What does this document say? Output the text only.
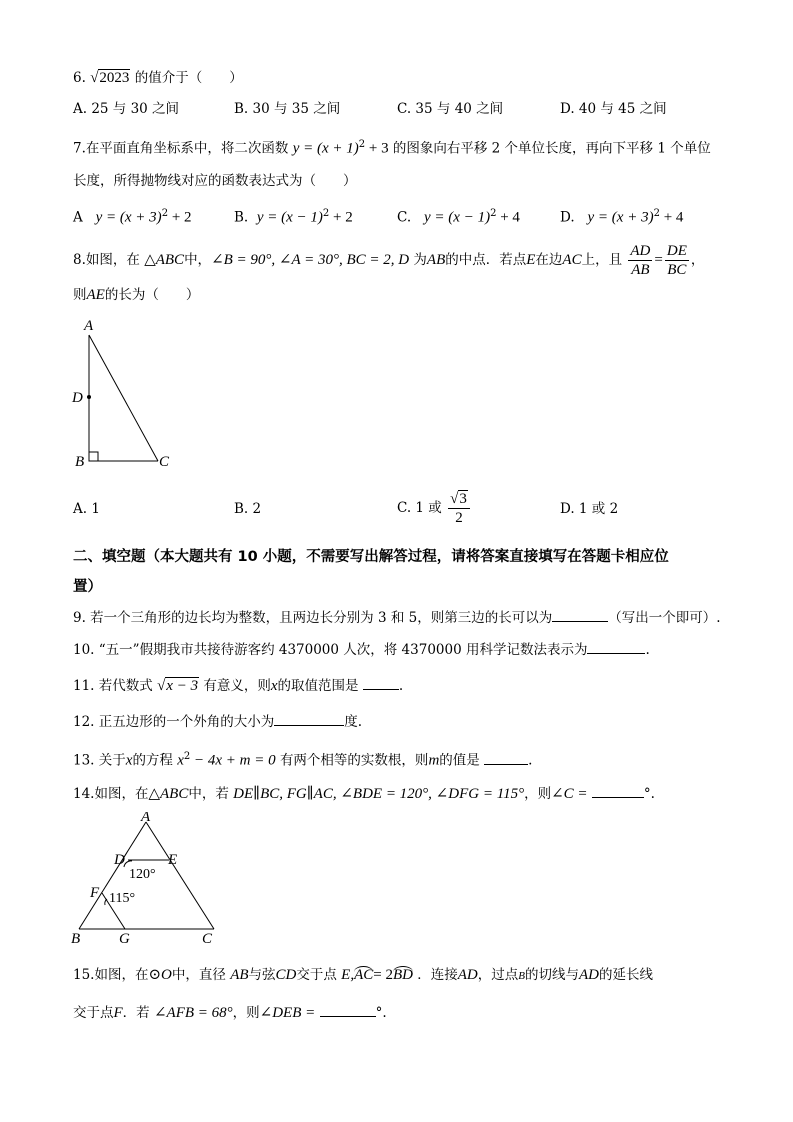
6. √2023 的值介于（　　）
A. 25 与 30 之间	B. 30 与 35 之间	C. 35 与 40 之间	D. 40 与 45 之间
7.在平面直角坐标系中，将二次函数 $y = (x + 1)^2 + 3$ 的图象向右平移 2 个单位长度，再向下平移 1 个单位
长度，所得抛物线对应的函数表达式为（　　）
A $y = (x + 3)^2 + 2$	B. $y = (x - 1)^2 + 2$	C. $y = (x - 1)^2 + 4$	D. $y = (x + 3)^2 + 4$
8.如图，在 △ABC中，∠B = 90°, ∠A = 30°, BC = 2, D 为AB的中点．若点E在边AC上，且 $\frac{AD}{AB} = \frac{DE}{BC}$ ，
则AE的长为（　　）
A
D
B	C
A. 1	B. 2	C. 1 或 $\frac{√3}{2}$	D. 1 或 2
二、填空题（本大题共有 10 小题，不需要写出解答过程，请将答案直接填写在答题卡相应位
置）
9. 若一个三角形的边长均为整数，且两边长分别为 3 和 5，则第三边的长可以为	（写出一个即可）.
10. “五一”假期我市共接待游客约 4370000 人次，将 4370000 用科学记数法表示为	.
11. 若代数式 √x − 3 有意义，则x的取值范围是	.
12. 正五边形的一个外角的大小为	度.
13. 关于x的方程 $x^2 - 4x + m = 0$ 有两个相等的实数根，则m的值是	.
14.如图，在△ABC中，若 DE∥BC, FG∥AC, ∠BDE = 120°, ∠DFG = 115°，则∠C =	°.
A
D	E
F
B	G	C
120°
115°
15.如图，在⊙O中，直径 AB与弦CD交于点 E,AC= 2BD ．连接AD，过点B的切线与AD的延长线
交于点F．若 ∠AFB = 68°，则∠DEB =	°.
